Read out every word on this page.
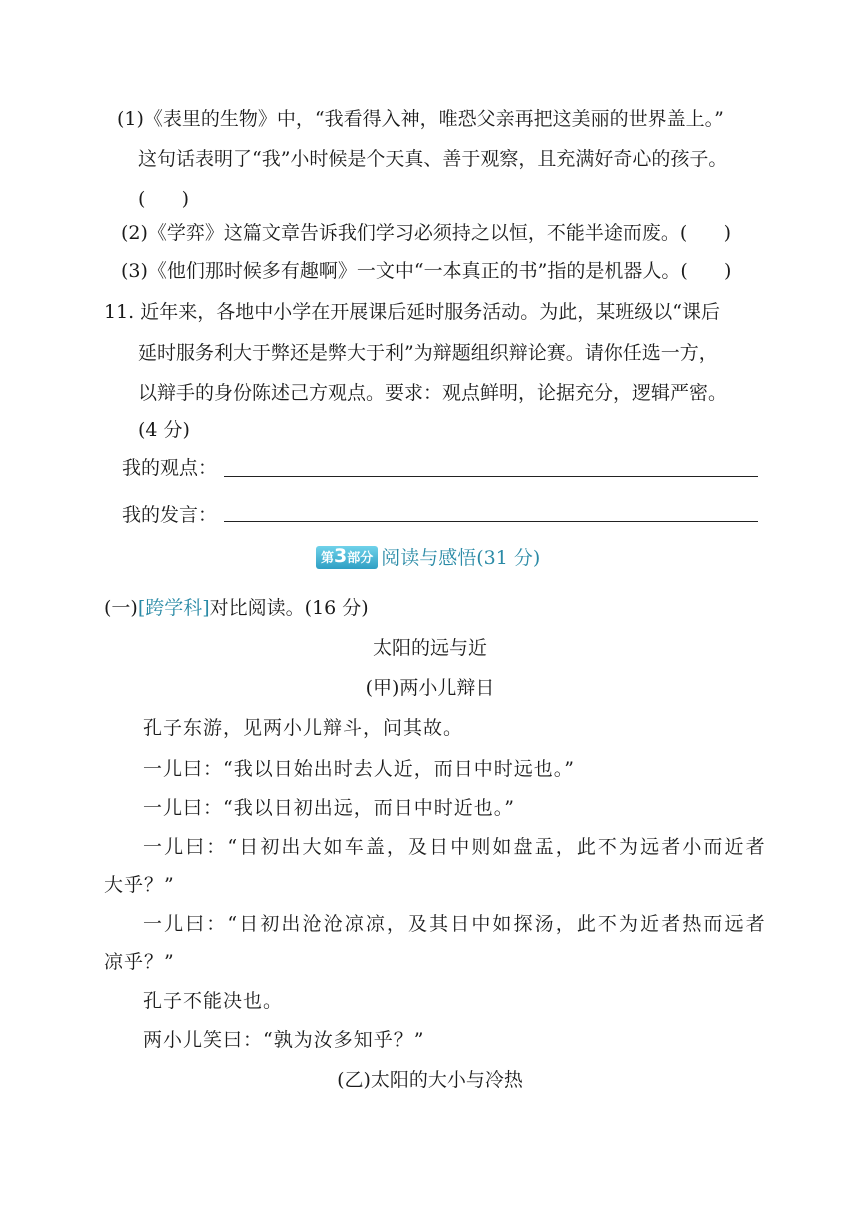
(1)《表里的生物》中，“我看得入神，唯恐父亲再把这美丽的世界盖上。”
这句话表明了“我”小时候是个天真、善于观察，且充满好奇心的孩子。
(      )
(2)《学弈》这篇文章告诉我们学习必须持之以恒，不能半途而废。(      )
(3)《他们那时候多有趣啊》一文中“一本真正的书”指的是机器人。(      )
11. 近年来，各地中小学在开展课后延时服务活动。为此，某班级以“课后
延时服务利大于弊还是弊大于利”为辩题组织辩论赛。请你任选一方，
以辩手的身份陈述己方观点。要求：观点鲜明，论据充分，逻辑严密。
(4 分)
我的观点：
我的发言：
第3部分 阅读与感悟(31 分)
(一)[跨学科]对比阅读。(16 分)
太阳的远与近
(甲)两小儿辩日
孔子东游，见两小儿辩斗，问其故。
一儿曰：“我以日始出时去人近，而日中时远也。”
一儿曰：“我以日初出远，而日中时近也。”
一儿曰：“日初出大如车盖，及日中则如盘盂，此不为远者小而近者
大乎？”
一儿曰：“日初出沧沧凉凉，及其日中如探汤，此不为近者热而远者
凉乎？”
孔子不能决也。
两小儿笑曰：“孰为汝多知乎？”
(乙)太阳的大小与冷热
